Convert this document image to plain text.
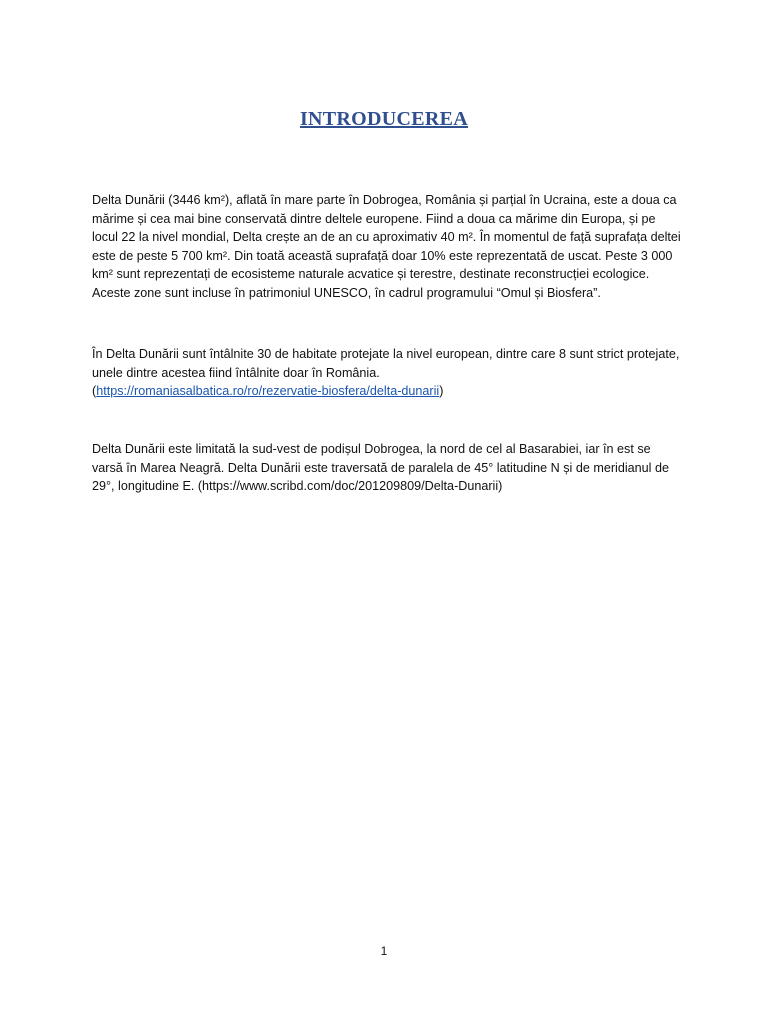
INTRODUCEREA

Delta Dunării (3446 km²), aflată în mare parte în Dobrogea, România și parțial în Ucraina, este a doua ca mărime și cea mai bine conservată dintre deltele europene. Fiind a doua ca mărime din Europa, și pe locul 22 la nivel mondial, Delta crește an de an cu aproximativ 40 m². În momentul de față suprafața deltei este de peste 5 700 km². Din toată această suprafață doar 10% este reprezentată de uscat. Peste 3 000 km² sunt reprezentați de ecosisteme naturale acvatice și terestre, destinate reconstrucției ecologice. Aceste zone sunt incluse în patrimoniul UNESCO, în cadrul programului “Omul și Biosfera”.

În Delta Dunării sunt întâlnite 30 de habitate protejate la nivel european, dintre care 8 sunt strict protejate, unele dintre acestea fiind întâlnite doar în România.
(https://romaniasalbatica.ro/ro/rezervatie-biosfera/delta-dunarii)

Delta Dunării este limitată la sud-vest de podișul Dobrogea, la nord de cel al Basarabiei, iar în est se varsă în Marea Neagră. Delta Dunării este traversată de paralela de 45° latitudine N și de meridianul de 29°, longitudine E. (https://www.scribd.com/doc/201209809/Delta-Dunarii)

1
